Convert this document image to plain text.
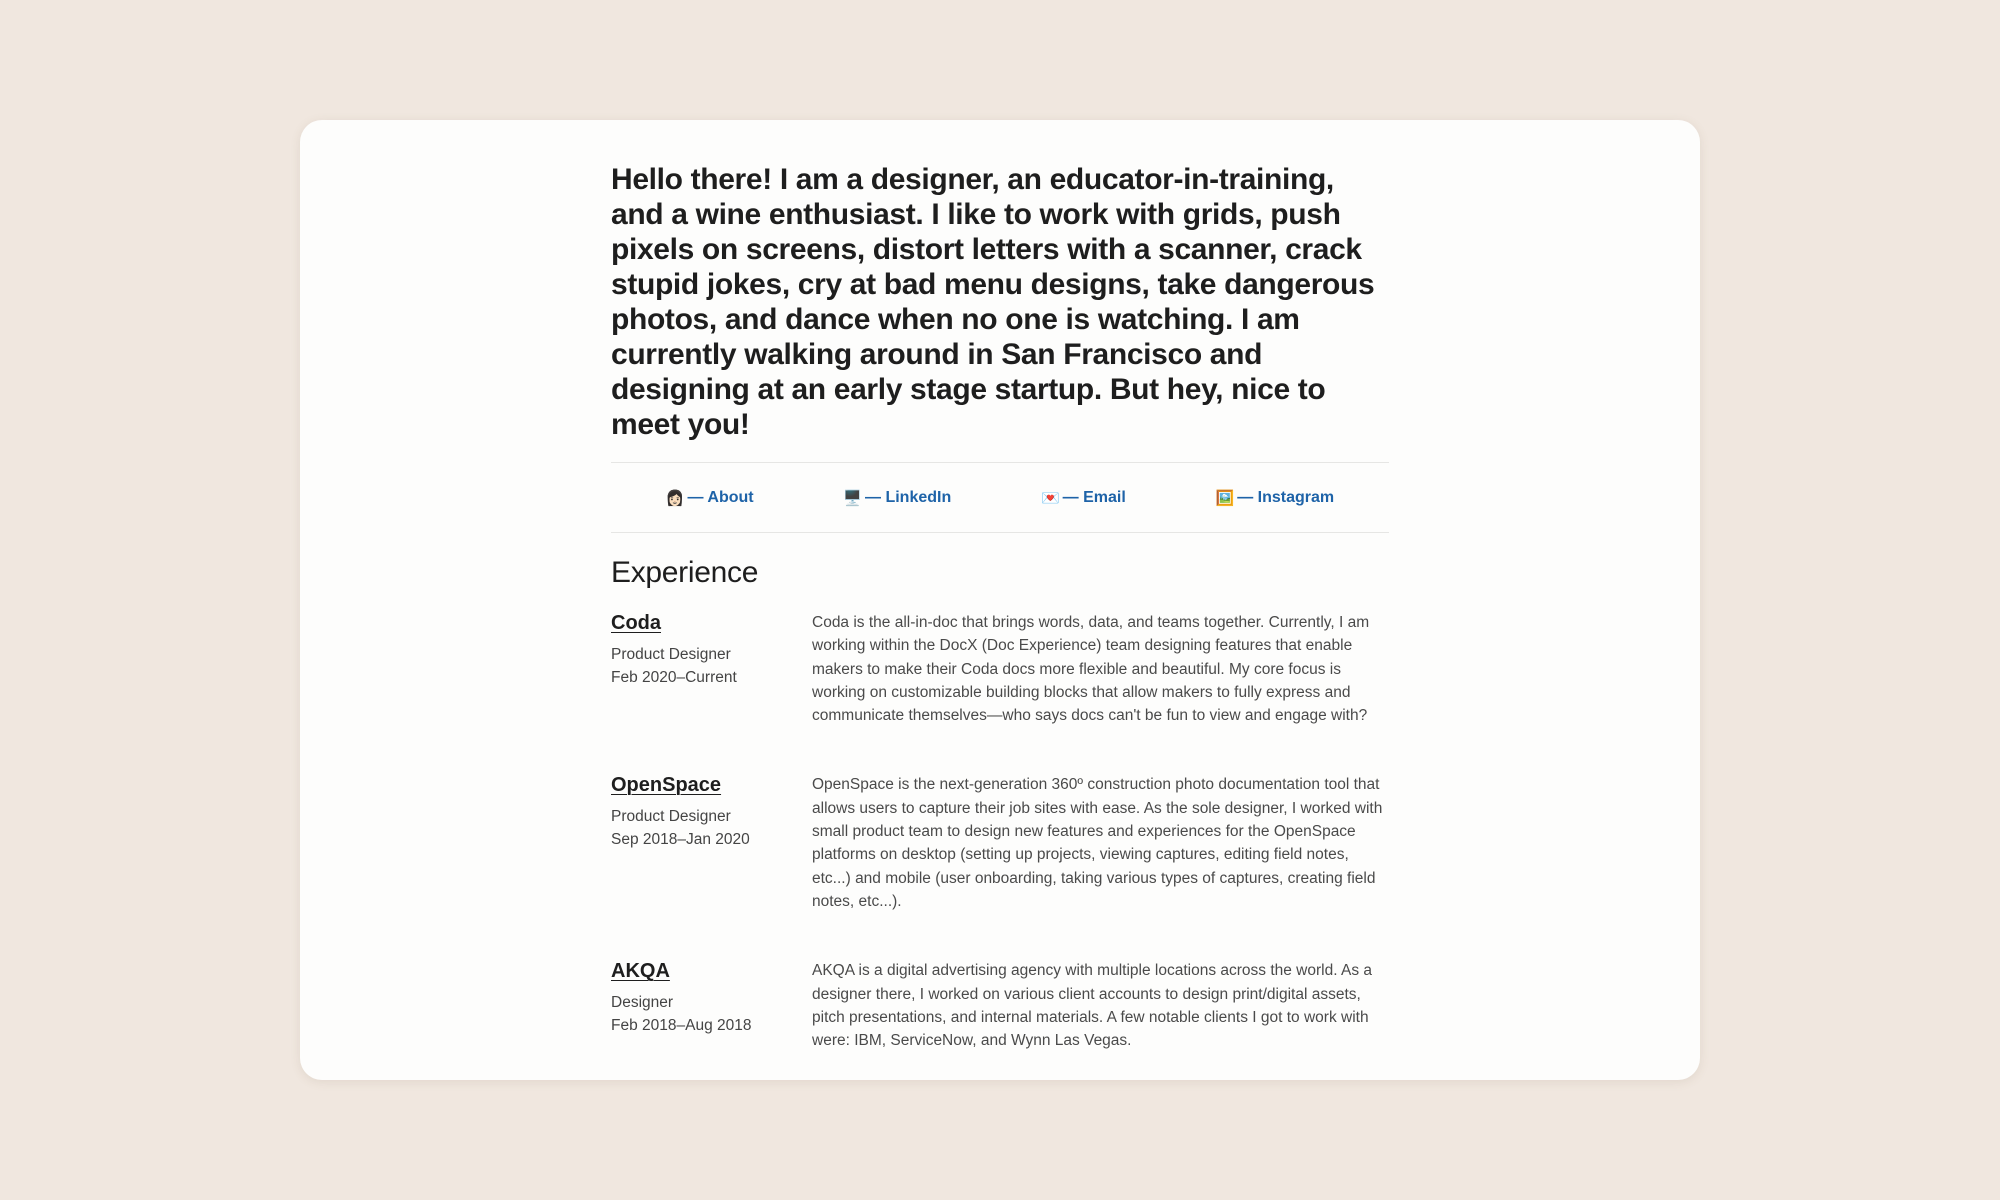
Hello there! I am a designer, an educator-in-training, and a wine enthusiast. I like to work with grids, push pixels on screens, distort letters with a scanner, crack stupid jokes, cry at bad menu designs, take dangerous photos, and dance when no one is watching. I am currently walking around in San Francisco and designing at an early stage startup. But hey, nice to meet you!

👩🏻 — About	🖥️ — LinkedIn	💌 — Email	🖼️ — Instagram
Experience
Coda
Product Designer
Feb 2020–Current

Coda is the all-in-doc that brings words, data, and teams together. Currently, I am working within the DocX (Doc Experience) team designing features that enable makers to make their Coda docs more flexible and beautiful. My core focus is working on customizable building blocks that allow makers to fully express and communicate themselves—who says docs can't be fun to view and engage with?

OpenSpace
Product Designer
Sep 2018–Jan 2020

OpenSpace is the next-generation 360º construction photo documentation tool that allows users to capture their job sites with ease. As the sole designer, I worked with small product team to design new features and experiences for the OpenSpace platforms on desktop (setting up projects, viewing captures, editing field notes, etc...) and mobile (user onboarding, taking various types of captures, creating field notes, etc...).

AKQA
Designer
Feb 2018–Aug 2018

AKQA is a digital advertising agency with multiple locations across the world. As a designer there, I worked on various client accounts to design print/digital assets, pitch presentations, and internal materials. A few notable clients I got to work with were: IBM, ServiceNow, and Wynn Las Vegas.
